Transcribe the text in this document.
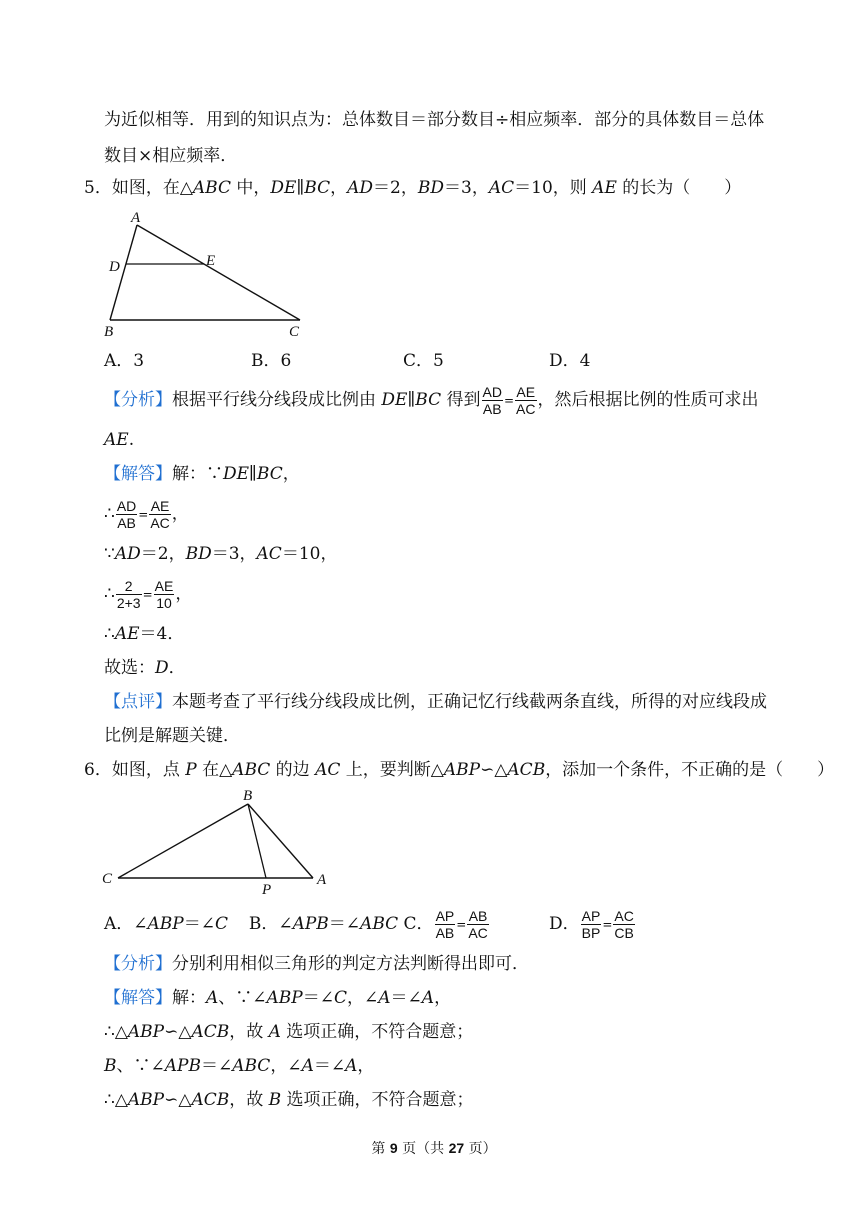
为近似相等．用到的知识点为：总体数目＝部分数目÷相应频率．部分的具体数目＝总体
数目×相应频率．
5．如图，在△ABC 中，DE∥BC，AD＝2，BD＝3，AC＝10，则 AE 的长为（　　）
A
D	E
B	C
A．3	B．6	C．5	D．4
【分析】根据平行线分线段成比例由 DE∥BC 得到 $\frac{AD}{AB} = \frac{AE}{AC}$ ，然后根据比例的性质可求出
AE.
【解答】解：∵DE∥BC，
∴ $\frac{AD}{AB} = \frac{AE}{AC}$ ，
∵AD＝2，BD＝3，AC＝10，
∴ $\frac{2}{2+3} = \frac{AE}{10}$ ，
∴AE＝4．
故选：D．
【点评】本题考查了平行线分线段成比例，正确记忆行线截两条直线，所得的对应线段成
比例是解题关键．
6．如图，点 P 在△ABC 的边 AC 上，要判断△ABP∽△ACB，添加一个条件，不正确的是（　　）
B
C
P
A
A．∠ABP＝∠C B．∠APB＝∠ABC C． $\frac{AP}{AB} = \frac{AB}{AC}$	D． $\frac{AP}{BP} = \frac{AC}{CB}$
【分析】分别利用相似三角形的判定方法判断得出即可．
【解答】解：A、∵∠ABP＝∠C，∠A＝∠A，
∴△ABP∽△ACB，故 A 选项正确，不符合题意；
B、∵∠APB＝∠ABC，∠A＝∠A，
∴△ABP∽△ACB，故 B 选项正确，不符合题意；
第 9 页（共 27 页）
